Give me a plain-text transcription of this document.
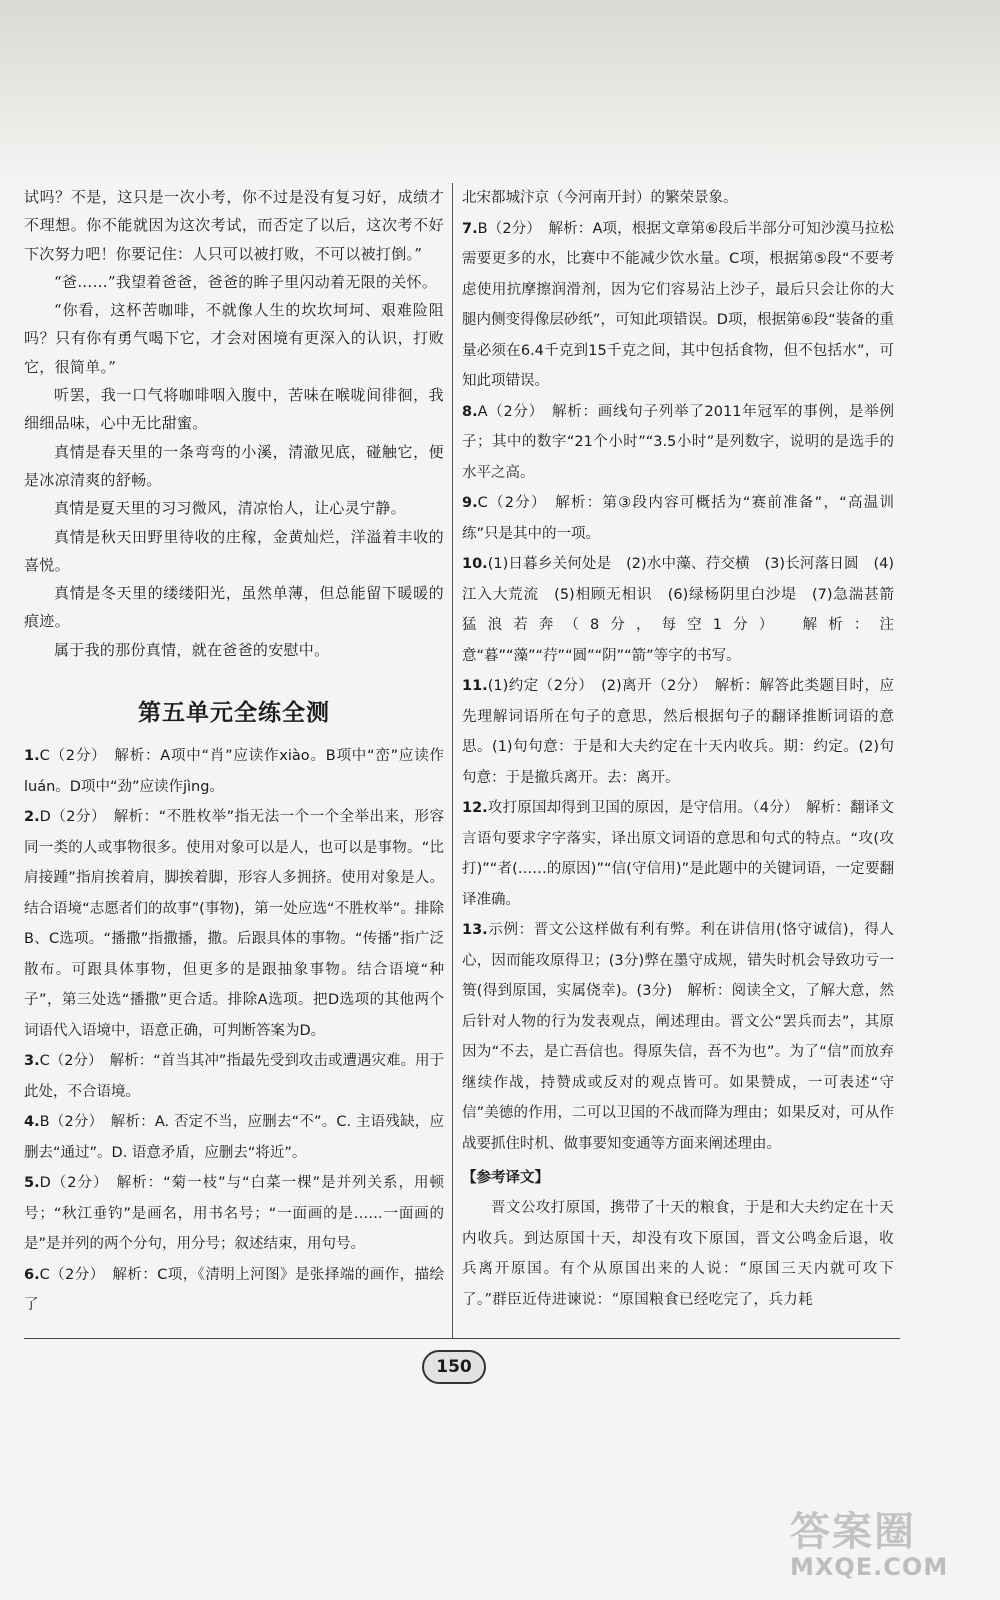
试吗？不是，这只是一次小考，你不过是没有复习好，成绩才不理想。你不能就因为这次考试，而否定了以后，这次考不好下次努力吧！你要记住：人只可以被打败，不可以被打倒。”

“爸……”我望着爸爸，爸爸的眸子里闪动着无限的关怀。

“你看，这杯苦咖啡，不就像人生的坎坎坷坷、艰难险阻吗？只有你有勇气喝下它，才会对困境有更深入的认识，打败它，很简单。”

听罢，我一口气将咖啡咽入腹中，苦味在喉咙间徘徊，我细细品味，心中无比甜蜜。

真情是春天里的一条弯弯的小溪，清澈见底，碰触它，便是冰凉清爽的舒畅。

真情是夏天里的习习微风，清凉怡人，让心灵宁静。

真情是秋天田野里待收的庄稼，金黄灿烂，洋溢着丰收的喜悦。

真情是冬天里的缕缕阳光，虽然单薄，但总能留下暖暖的痕迹。

属于我的那份真情，就在爸爸的安慰中。

第五单元全练全测

1.C（2分）　解析：A项中“肖”应读作xiào。B项中“峦”应读作luán。D项中“劲”应读作jìng。

2.D（2分）　解析：“不胜枚举”指无法一个一个全举出来，形容同一类的人或事物很多。使用对象可以是人，也可以是事物。“比肩接踵”指肩挨着肩，脚挨着脚，形容人多拥挤。使用对象是人。结合语境“志愿者们的故事”(事物)，第一处应选“不胜枚举”。排除B、C选项。“播撒”指撒播，撒。后跟具体的事物。“传播”指广泛散布。可跟具体事物，但更多的是跟抽象事物。结合语境“种子”，第三处选“播撒”更合适。排除A选项。把D选项的其他两个词语代入语境中，语意正确，可判断答案为D。

3.C（2分）　解析：“首当其冲”指最先受到攻击或遭遇灾难。用于此处，不合语境。

4.B（2分）　解析：A. 否定不当，应删去“不”。C. 主语残缺，应删去“通过”。D. 语意矛盾，应删去“将近”。

5.D（2分）　解析：“菊一枝”与“白菜一棵”是并列关系，用顿号；“秋江垂钓”是画名，用书名号；“一面画的是……一面画的是”是并列的两个分句，用分号；叙述结束，用句号。

6.C（2分）　解析：C项，《清明上河图》是张择端的画作，描绘了

北宋都城汴京（今河南开封）的繁荣景象。

7.B（2分）　解析：A项，根据文章第⑥段后半部分可知沙漠马拉松需要更多的水，比赛中不能减少饮水量。C项，根据第⑤段“不要考虑使用抗摩擦润滑剂，因为它们容易沾上沙子，最后只会让你的大腿内侧变得像层砂纸”，可知此项错误。D项，根据第⑥段“装备的重量必须在6.4千克到15千克之间，其中包括食物，但不包括水”，可知此项错误。

8.A（2分）　解析：画线句子列举了2011年冠军的事例，是举例子；其中的数字“21个小时”“3.5小时”是列数字，说明的是选手的水平之高。

9.C（2分）　解析：第③段内容可概括为“赛前准备”，“高温训练”只是其中的一项。

10.(1)日暮乡关何处是　(2)水中藻、荇交横　(3)长河落日圆　(4)江入大荒流　(5)相顾无相识　(6)绿杨阴里白沙堤　(7)急湍甚箭　猛浪若奔（8分，每空1分）　解析：注意“暮”“藻”“荇”“圆”“阴”“箭”等字的书写。

11.(1)约定（2分）　(2)离开（2分）　解析：解答此类题目时，应先理解词语所在句子的意思，然后根据句子的翻译推断词语的意思。(1)句句意：于是和大夫约定在十天内收兵。期：约定。(2)句句意：于是撤兵离开。去：离开。

12.攻打原国却得到卫国的原因，是守信用。（4分）　解析：翻译文言语句要求字字落实，译出原文词语的意思和句式的特点。“攻(攻打)”“者(……的原因)”“信(守信用)”是此题中的关键词语，一定要翻译准确。

13.示例：晋文公这样做有利有弊。利在讲信用(恪守诚信)，得人心，因而能攻原得卫；(3分)弊在墨守成规，错失时机会导致功亏一篑(得到原国，实属侥幸)。(3分)　解析：阅读全文，了解大意，然后针对人物的行为发表观点，阐述理由。晋文公“罢兵而去”，其原因为“不去，是亡吾信也。得原失信，吾不为也”。为了“信”而放弃继续作战，持赞成或反对的观点皆可。如果赞成，一可表述“守信”美德的作用，二可以卫国的不战而降为理由；如果反对，可从作战要抓住时机、做事要知变通等方面来阐述理由。

【参考译文】

晋文公攻打原国，携带了十天的粮食，于是和大夫约定在十天内收兵。到达原国十天，却没有攻下原国，晋文公鸣金后退，收兵离开原国。有个从原国出来的人说：“原国三天内就可攻下了。”群臣近侍进谏说：“原国粮食已经吃完了，兵力耗

150
答案圈
MXQE.COM
